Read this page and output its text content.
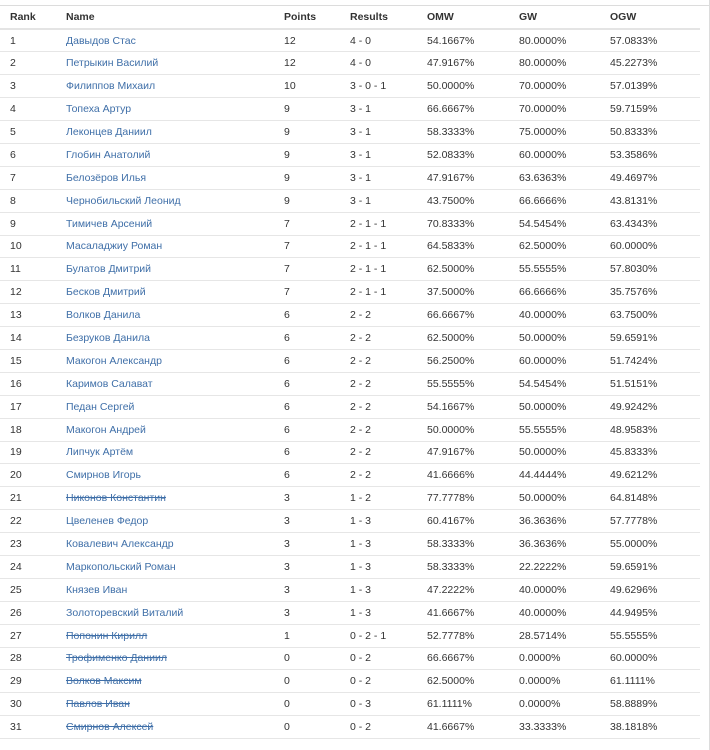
Rank	Name	Points	Results	OMW	GW	OGW
1	Давыдов Стас	12	4 - 0	54.1667%	80.0000%	57.0833%
2	Петрыкин Василий	12	4 - 0	47.9167%	80.0000%	45.2273%
3	Филиппов Михаил	10	3 - 0 - 1	50.0000%	70.0000%	57.0139%
4	Топеха Артур	9	3 - 1	66.6667%	70.0000%	59.7159%
5	Леконцев Даниил	9	3 - 1	58.3333%	75.0000%	50.8333%
6	Глобин Анатолий	9	3 - 1	52.0833%	60.0000%	53.3586%
7	Белозёров Илья	9	3 - 1	47.9167%	63.6363%	49.4697%
8	Чернобильский Леонид	9	3 - 1	43.7500%	66.6666%	43.8131%
9	Тимичев Арсений	7	2 - 1 - 1	70.8333%	54.5454%	63.4343%
10	Масаладжиу Роман	7	2 - 1 - 1	64.5833%	62.5000%	60.0000%
11	Булатов Дмитрий	7	2 - 1 - 1	62.5000%	55.5555%	57.8030%
12	Бесков Дмитрий	7	2 - 1 - 1	37.5000%	66.6666%	35.7576%
13	Волков Данила	6	2 - 2	66.6667%	40.0000%	63.7500%
14	Безруков Данила	6	2 - 2	62.5000%	50.0000%	59.6591%
15	Макогон Александр	6	2 - 2	56.2500%	60.0000%	51.7424%
16	Каримов Салават	6	2 - 2	55.5555%	54.5454%	51.5151%
17	Педан Сергей	6	2 - 2	54.1667%	50.0000%	49.9242%
18	Макогон Андрей	6	2 - 2	50.0000%	55.5555%	48.9583%
19	Липчук Артём	6	2 - 2	47.9167%	50.0000%	45.8333%
20	Смирнов Игорь	6	2 - 2	41.6666%	44.4444%	49.6212%
21	Никонов Константин	3	1 - 2	77.7778%	50.0000%	64.8148%
22	Цвеленев Федор	3	1 - 3	60.4167%	36.3636%	57.7778%
23	Ковалевич Александр	3	1 - 3	58.3333%	36.3636%	55.0000%
24	Маркопольский Роман	3	1 - 3	58.3333%	22.2222%	59.6591%
25	Князев Иван	3	1 - 3	47.2222%	40.0000%	49.6296%
26	Золоторевский Виталий	3	1 - 3	41.6667%	40.0000%	44.9495%
27	Попонин Кирилл	1	0 - 2 - 1	52.7778%	28.5714%	55.5555%
28	Трофименко Даниил	0	0 - 2	66.6667%	0.0000%	60.0000%
29	Волков Максим	0	0 - 2	62.5000%	0.0000%	61.1111%
30	Павлов Иван	0	0 - 3	61.1111%	0.0000%	58.8889%
31	Смирнов Алексей	0	0 - 2	41.6667%	33.3333%	38.1818%
